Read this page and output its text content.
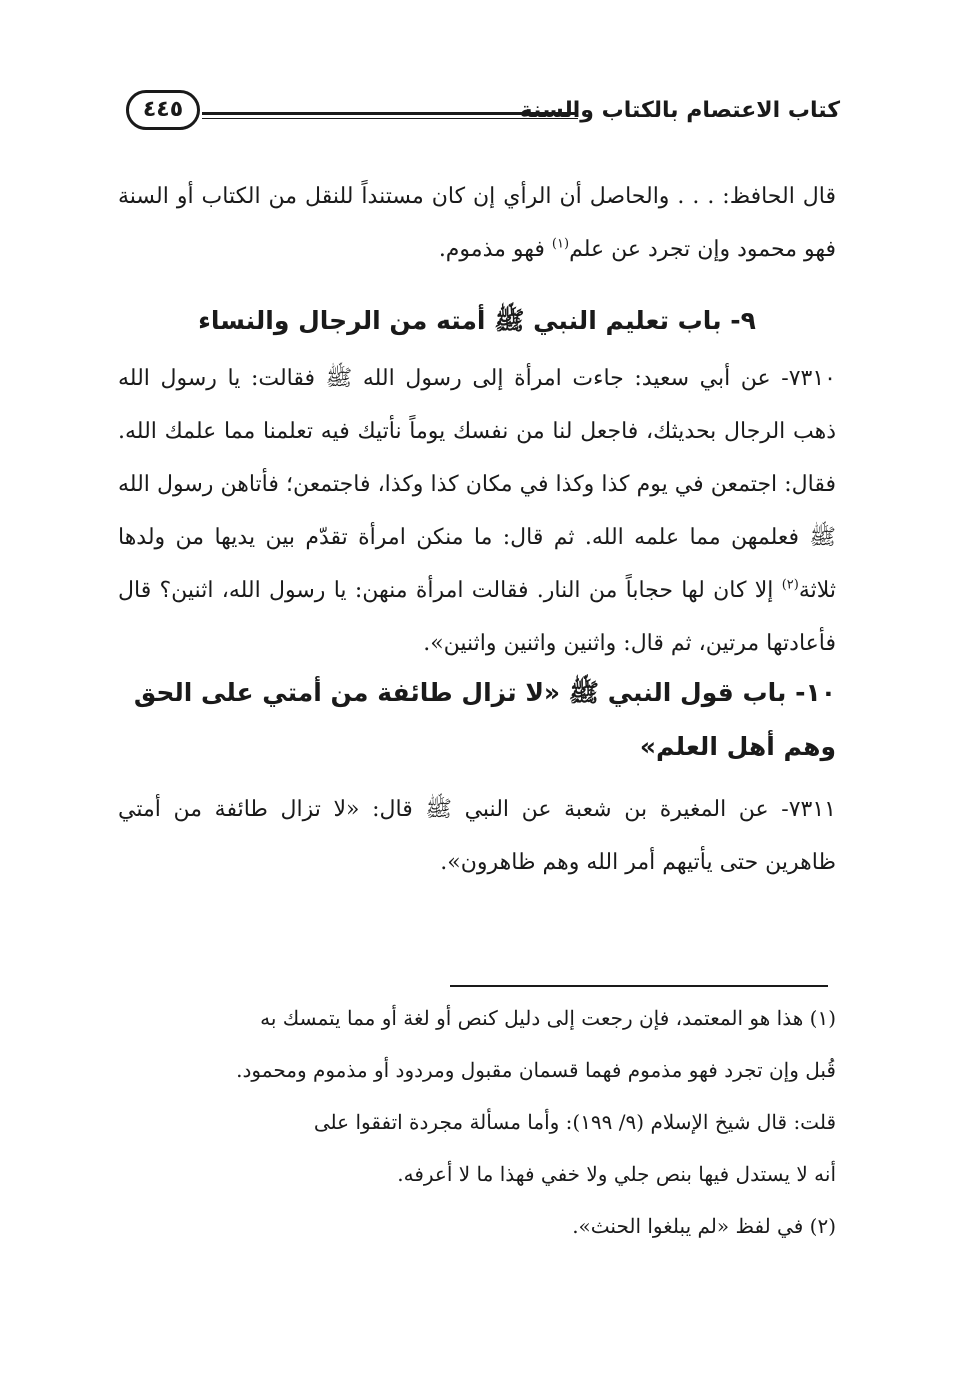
كتاب الاعتصام بالكتاب والسنة
٤٤٥

قال الحافظ: . . . والحاصل أن الرأي إن كان مستنداً للنقل من الكتاب أو السنة فهو محمود وإن تجرد عن علم$^{(١)}$ فهو مذموم.

٩- باب تعليم النبي ﷺ أمته من الرجال والنساء

٧٣١٠- عن أبي سعيد: جاءت امرأة إلى رسول الله ﷺ فقالت: يا رسول الله ذهب الرجال بحديثك، فاجعل لنا من نفسك يوماً نأتيك فيه تعلمنا مما علمك الله. فقال: اجتمعن في يوم كذا وكذا في مكان كذا وكذا، فاجتمعن؛ فأتاهن رسول الله ﷺ فعلمهن مما علمه الله. ثم قال: ما منكن امرأة تقدّم بين يديها من ولدها ثلاثة$^{(٢)}$ إلا كان لها حجاباً من النار. فقالت امرأة منهن: يا رسول الله، اثنين؟ قال فأعادتها مرتين، ثم قال: واثنين واثنين واثنين».

١٠- باب قول النبي ﷺ «لا تزال طائفة من أمتي على الحق وهم أهل العلم»

٧٣١١- عن المغيرة بن شعبة عن النبي ﷺ قال: «لا تزال طائفة من أمتي ظاهرين حتى يأتيهم أمر الله وهم ظاهرون».

(١) هذا هو المعتمد، فإن رجعت إلى دليل كنص أو لغة أو مما يتمسك به
قُبل وإن تجرد فهو مذموم فهما قسمان مقبول ومردود أو مذموم ومحمود.
قلت: قال شيخ الإسلام (٩/ ١٩٩): وأما مسألة مجردة اتفقوا على
أنه لا يستدل فيها بنص جلي ولا خفي فهذا ما لا أعرفه.
(٢) في لفظ «لم يبلغوا الحنث».
